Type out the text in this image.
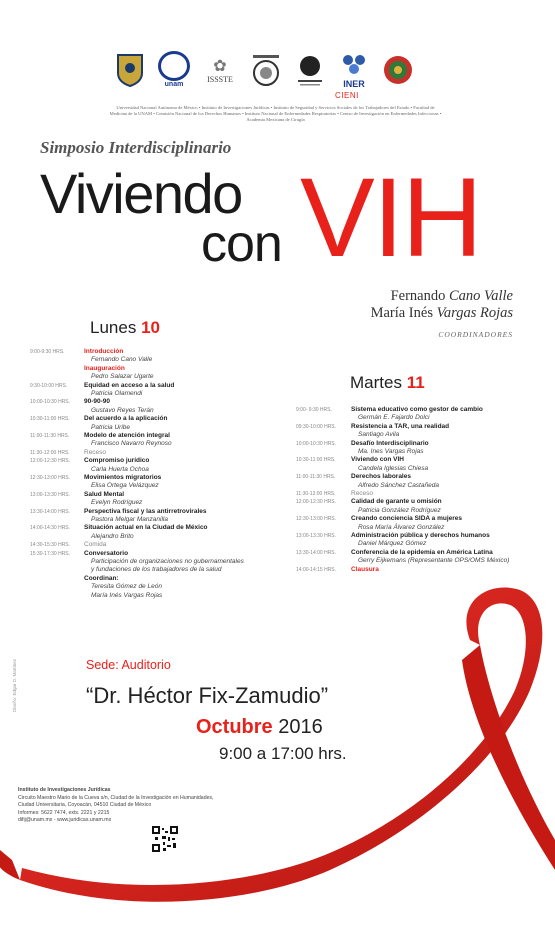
unam
✿
ISSSTE	INER
CIENI
Universidad Nacional Autónoma de México • Instituto de Investigaciones Jurídicas • Instituto de Seguridad y Servicios Sociales de los Trabajadores del Estado • Facultad de Medicina de la UNAM • Comisión Nacional de los Derechos Humanos • Instituto Nacional de Enfermedades Respiratorias • Centro de Investigación en Enfermedades Infecciosas • Academia Mexicana de Cirugía
Simposio Interdisciplinario
Viviendo
con VIH
Fernando Cano Valle
María Inés Vargas Rojas
COORDINADORES
Lunes 10
Martes 11
9:00-9:30 HRS.	Introducción
Fernando Cano Valle
Inauguración
Pedro Salazar Ugarte
9:30-10:00 HRS.	Equidad en acceso a la salud
Patricia Olamendi
10:00-10:30 HRS. 90-90-90
Gustavo Reyes Terán
10:30-11:00 HRS. Del acuerdo a la aplicación
Patricia Uribe
11:00-11:30 HRS. Modelo de atención integral
Francisco Navarro Reynoso
11:30-12:00 HRS. Receso
12:00-12:30 HRS. Compromiso jurídico
Carla Huerta Ochoa
12:30-13:00 HRS. Movimientos migratorios
Elisa Ortega Velázquez
13:00-13:30 HRS. Salud Mental
Evelyn Rodríguez
13:30-14:00 HRS. Perspectiva fiscal y las antirretrovirales
Pastora Melgar Manzanilla
14:00-14:30 HRS. Situación actual en la Ciudad de México
Alejandro Brito
14:30-15:30 HRS. Comida
15:30-17:30 HRS. Conversatorio
Participación de organizaciones no gubernamentales
y fundaciones de los trabajadores de la salud
Coordinan:
Teresita Gómez de León
María Inés Vargas Rojas
9:00- 9:30 HRS.	Sistema educativo como gestor de cambio
Germán E. Fajardo Dolci
09:30-10:00 HRS. Resistencia a TAR, una realidad
Santiago Avila
10:00-10:30 HRS. Desafío Interdisciplinario
Ma. Ines Vargas Rojas
10:30-11:00 HRS. Viviendo con VIH
Candela Iglesias Chiesa
11:00-11:30 HRS. Derechos laborales
Alfredo Sánchez Castañeda
11:30-12:00 HRS. Receso
12:00-12:30 HRS. Calidad de garante u omisión
Patricia González Rodríguez
12:30-13:00 HRS. Creando conciencia SIDA a mujeres
Rosa María Álvarez González
13:00-13:30 HRS. Administración pública y derechos humanos
Daniel Márquez Gómez
13:30-14:00 HRS. Conferencia de la epidemia en América Latina
Gerry Eijkemans (Representante OPS/OMS México)
14:00-14:15 HRS. Clausura
Sede: Auditorio
“Dr. Héctor Fix-Zamudio”
Octubre 2016
9:00 a 17:00 hrs.
Instituto de Investigaciones Jurídicas
Circuito Maestro Mario de la Cueva s/n, Ciudad de la Investigación en Humanidades,
Ciudad Universitaria, Coyoacán, 04510 Ciudad de México
Informes: 5622 7474, exts. 2221 y 2215
difij@unam.mx - www.juridicas.unam.mx
Diseño: Edgar D. Martínez
